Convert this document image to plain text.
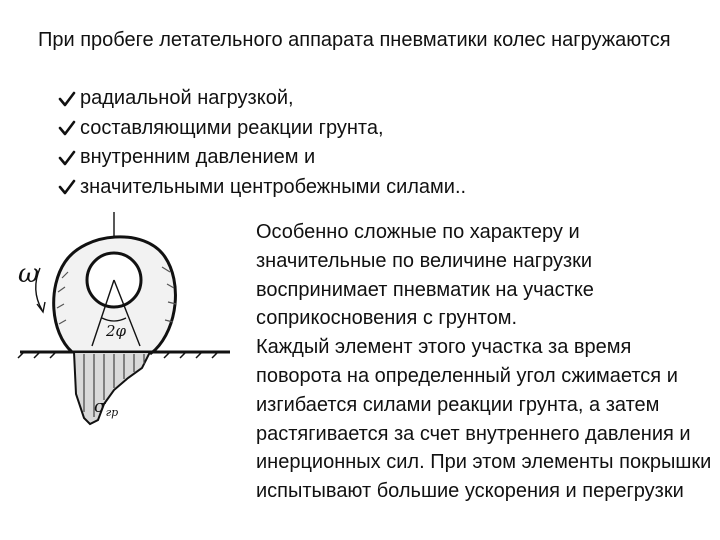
При пробеге летательного аппарата пневматики колес нагружаются

радиальной нагрузкой,
составляющими реакции грунта,
внутренним давлением и
значительными центробежными силами..
2φ
ω
$\sigma_{гр}$

Особенно сложные по характеру и значительные по величине нагрузки воспринимает пневматик на участке соприкосновения с грунтом.

Каждый элемент этого участка за время поворота на определенный угол сжимается и изгибается силами реакции грунта, а затем растягивается за счет внутреннего давления и инерционных сил. При этом элементы покрышки испытывают большие ускорения и перегрузки
